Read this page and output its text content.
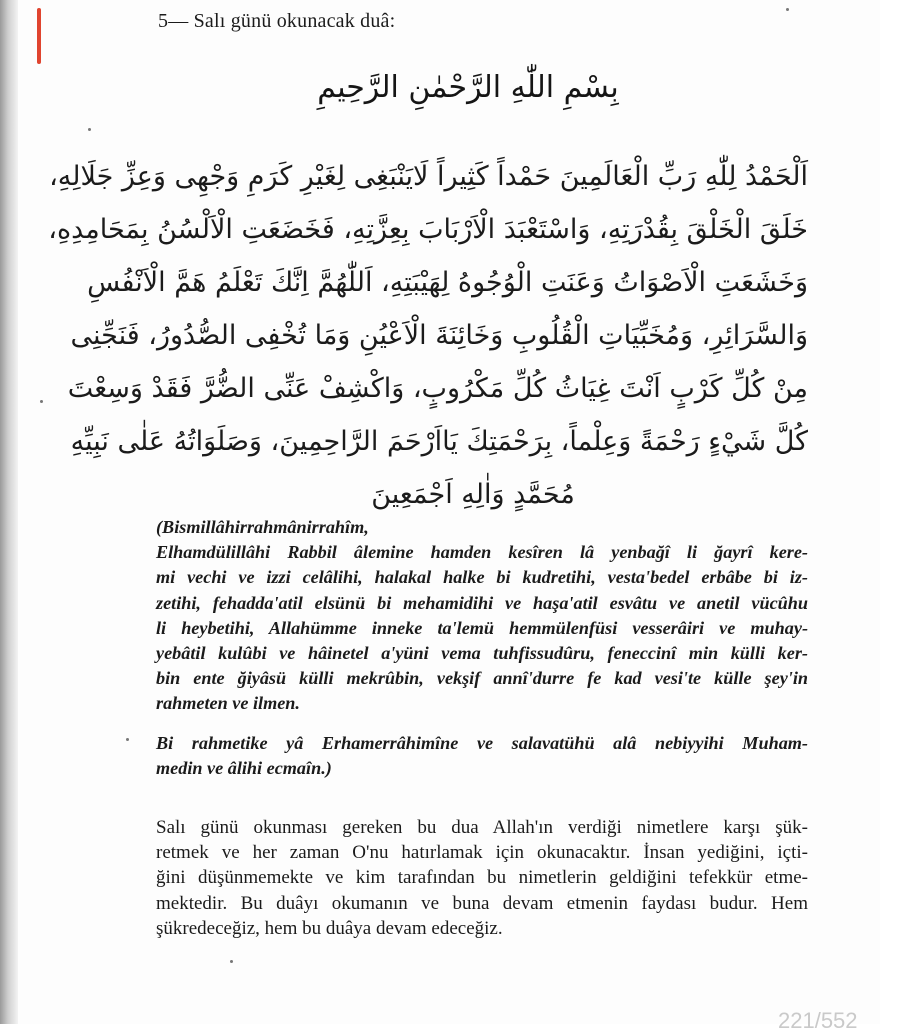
5— Salı günü okunacak duâ:
بِسْمِ اللّٰهِ الرَّحْمٰنِ الرَّحِيمِ
اَلْحَمْدُ لِلّٰهِ رَبِّ الْعَالَمِينَ حَمْداً كَثِيراً لَايَنْبَغِى لِغَيْرِ كَرَمِ وَجْهِى وَعِزِّ جَلَالِهِ،
خَلَقَ الْخَلْقَ بِقُدْرَتِهِ، وَاسْتَعْبَدَ الْاَرْبَابَ بِعِزَّتِهِ، فَخَضَعَتِ الْاَلْسُنُ بِمَحَامِدِهِ،
وَخَشَعَتِ الْاَصْوَاتُ وَعَنَتِ الْوُجُوهُ لِهَيْبَتِهِ، اَللّٰهُمَّ اِنَّكَ تَعْلَمُ هَمَّ الْاَنْفُسِ
وَالسَّرَائِرِ، وَمُخَبِّيَاتِ الْقُلُوبِ وَخَائِنَةَ الْاَعْيُنِ وَمَا تُخْفِى الصُّدُورُ، فَنَجِّنِى
مِنْ كُلِّ كَرْبٍ اَنْتَ غِيَاثُ كُلِّ مَكْرُوبٍ، وَاكْشِفْ عَنِّى الضُّرَّ فَقَدْ وَسِعْتَ
كُلَّ شَيْءٍ رَحْمَةً وَعِلْماً، بِرَحْمَتِكَ يَااَرْحَمَ الرَّاحِمِينَ، وَصَلَوَاتُهُ عَلٰى نَبِيِّهِ
مُحَمَّدٍ وَاٰلِهِ اَجْمَعِينَ
(Bismillâhirrahmânirrahîm,
Elhamdülillâhi Rabbil âlemine hamden kesîren lâ yenbağî li ğayrî kere-
mi vechi ve izzi celâlihi, halakal halke bi kudretihi, vesta'bedel erbâbe bi iz-
zetihi, fehadda'atil elsünü bi mehamidihi ve haşa'atil esvâtu ve anetil vücûhu
li heybetihi, Allahümme inneke ta'lemü hemmülenfüsi vesserâiri ve muhay-
yebâtil kulûbi ve hâinetel a'yüni vema tuhfissudûru, feneccinî min külli ker-
bin ente ğiyâsü külli mekrûbin, vekşif annî'durre fe kad vesi'te külle şey'in
rahmeten ve ilmen.
Bi rahmetike yâ Erhamerrâhimîne ve salavatühü alâ nebiyyihi Muham-
medin ve âlihi ecmaîn.)
Salı günü okunması gereken bu dua Allah'ın verdiği nimetlere karşı şük-
retmek ve her zaman O'nu hatırlamak için okunacaktır. İnsan yediğini, içti-
ğini düşünmemekte ve kim tarafından bu nimetlerin geldiğini tefekkür etme-
mektedir. Bu duâyı okumanın ve buna devam etmenin faydası budur. Hem
şükredeceğiz, hem bu duâya devam edeceğiz.
221/552
